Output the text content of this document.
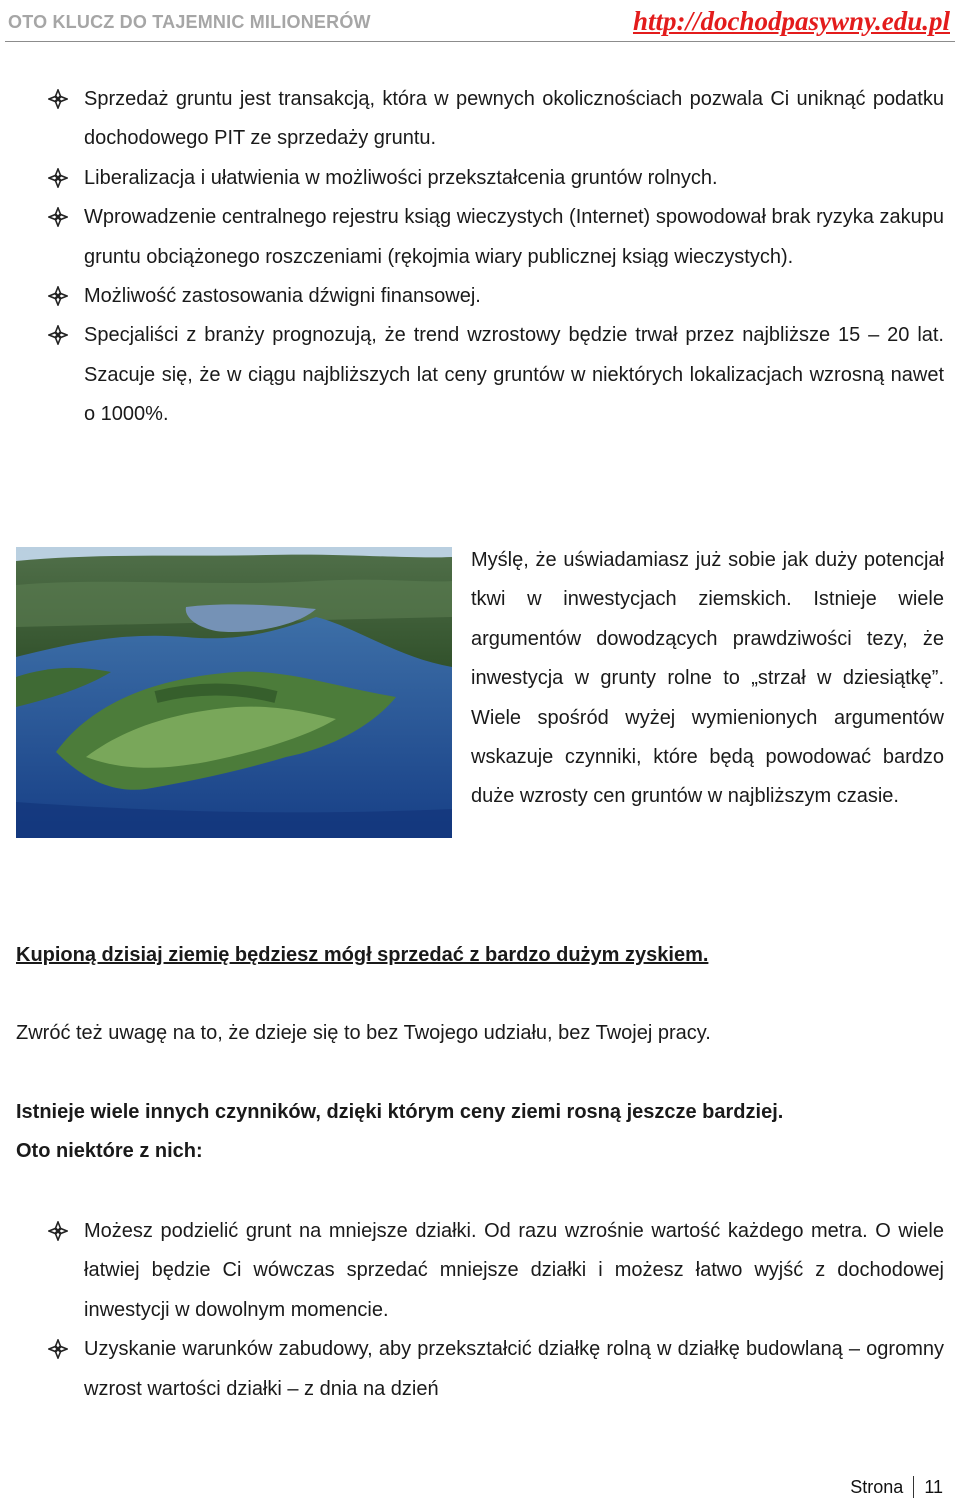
OTO KLUCZ DO TAJEMNIC MILIONERÓW	http://dochodpasywny.edu.pl
Sprzedaż gruntu jest transakcją, która w pewnych okolicznościach pozwala Ci uniknąć podatku dochodowego PIT ze sprzedaży gruntu.
Liberalizacja i ułatwienia w możliwości przekształcenia gruntów rolnych.
Wprowadzenie centralnego rejestru ksiąg wieczystych (Internet) spowodował brak ryzyka zakupu gruntu obciążonego roszczeniami (rękojmia wiary publicznej ksiąg wieczystych).
Możliwość zastosowania dźwigni finansowej.
Specjaliści z branży prognozują, że trend wzrostowy będzie trwał przez najbliższe 15 – 20 lat. Szacuje się, że w ciągu najbliższych lat ceny gruntów w niektórych lokalizacjach wzrosną nawet o 1000%.

Myślę, że uświadamiasz już sobie jak duży potencjał tkwi w inwestycjach ziemskich. Istnieje wiele argumentów dowodzących prawdziwości tezy, że inwestycja w grunty rolne to „strzał w dziesiątkę”. Wiele spośród wyżej wymienionych argumentów wskazuje czynniki, które będą powodować bardzo duże wzrosty cen gruntów w najbliższym czasie.

Kupioną dzisiaj ziemię będziesz mógł sprzedać z bardzo dużym zyskiem.

Zwróć też uwagę na to, że dzieje się to bez Twojego udziału, bez Twojej pracy.

Istnieje wiele innych czynników, dzięki którym ceny ziemi rosną jeszcze bardziej.
Oto niektóre z nich:

Możesz podzielić grunt na mniejsze działki. Od razu wzrośnie wartość każdego metra. O wiele łatwiej będzie Ci wówczas sprzedać mniejsze działki i możesz łatwo wyjść z dochodowej inwestycji w dowolnym momencie.
Uzyskanie warunków zabudowy, aby przekształcić działkę rolną w działkę budowlaną – ogromny wzrost wartości działki – z dnia na dzień
Strona 11
